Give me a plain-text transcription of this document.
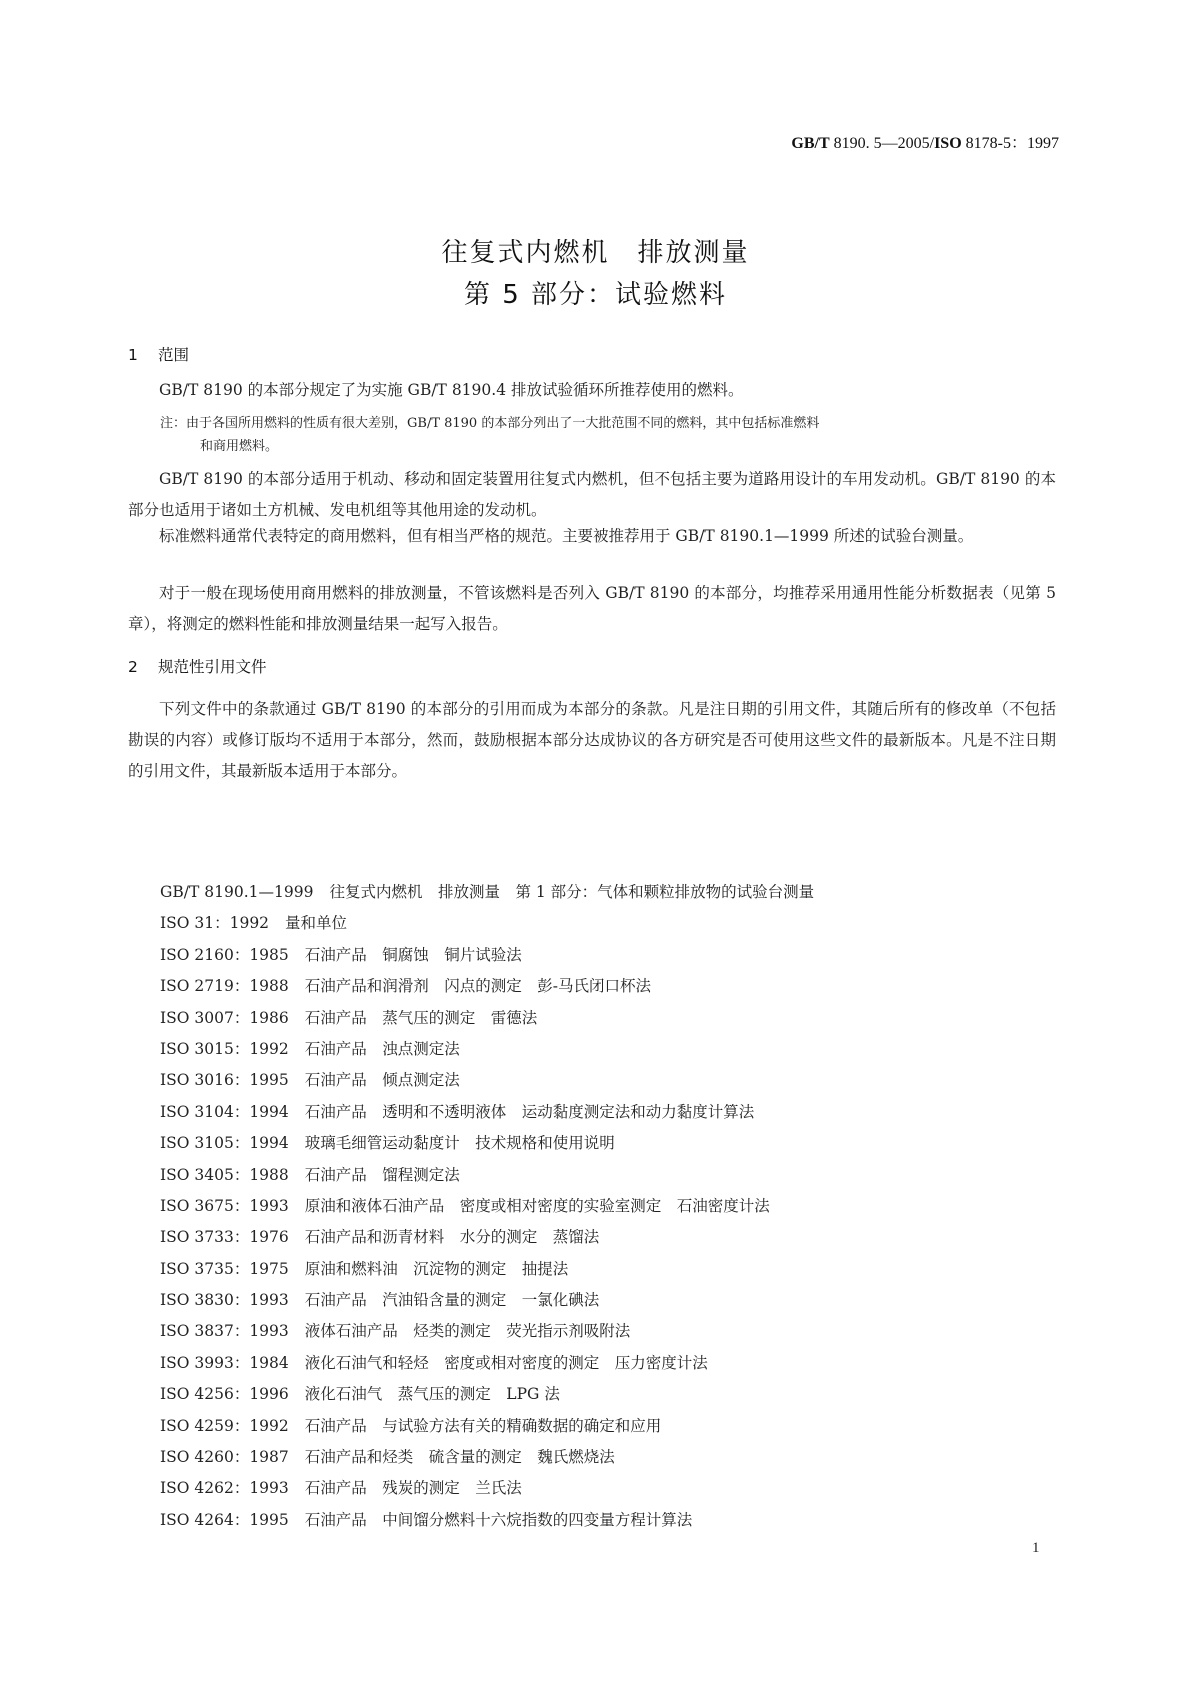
GB/T 8190. 5—2005/ISO 8178-5：1997
往复式内燃机　排放测量
第 5 部分：试验燃料
1 范围
GB/T 8190 的本部分规定了为实施 GB/T 8190.4 排放试验循环所推荐使用的燃料。
注：由于各国所用燃料的性质有很大差别，GB/T 8190 的本部分列出了一大批范围不同的燃料，其中包括标准燃料
和商用燃料。
GB/T 8190 的本部分适用于机动、移动和固定装置用往复式内燃机，但不包括主要为道路用设计的车用发动机。GB/T 8190 的本部分也适用于诸如土方机械、发电机组等其他用途的发动机。
标准燃料通常代表特定的商用燃料，但有相当严格的规范。主要被推荐用于 GB/T 8190.1—1999 所述的试验台测量。
对于一般在现场使用商用燃料的排放测量，不管该燃料是否列入 GB/T 8190 的本部分，均推荐采用通用性能分析数据表（见第 5 章），将测定的燃料性能和排放测量结果一起写入报告。
2 规范性引用文件
下列文件中的条款通过 GB/T 8190 的本部分的引用而成为本部分的条款。凡是注日期的引用文件，其随后所有的修改单（不包括勘误的内容）或修订版均不适用于本部分，然而，鼓励根据本部分达成协议的各方研究是否可使用这些文件的最新版本。凡是不注日期的引用文件，其最新版本适用于本部分。
GB/T 8190.1—1999 往复式内燃机　排放测量　第 1 部分：气体和颗粒排放物的试验台测量
ISO 31：1992 量和单位
ISO 2160：1985 石油产品　铜腐蚀　铜片试验法
ISO 2719：1988 石油产品和润滑剂　闪点的测定　彭-马氏闭口杯法
ISO 3007：1986 石油产品　蒸气压的测定　雷德法
ISO 3015：1992 石油产品　浊点测定法
ISO 3016：1995 石油产品　倾点测定法
ISO 3104：1994 石油产品　透明和不透明液体　运动黏度测定法和动力黏度计算法
ISO 3105：1994 玻璃毛细管运动黏度计　技术规格和使用说明
ISO 3405：1988 石油产品　馏程测定法
ISO 3675：1993 原油和液体石油产品　密度或相对密度的实验室测定　石油密度计法
ISO 3733：1976 石油产品和沥青材料　水分的测定　蒸馏法
ISO 3735：1975 原油和燃料油　沉淀物的测定　抽提法
ISO 3830：1993 石油产品　汽油铅含量的测定　一氯化碘法
ISO 3837：1993 液体石油产品　烃类的测定　荧光指示剂吸附法
ISO 3993：1984 液化石油气和轻烃　密度或相对密度的测定　压力密度计法
ISO 4256：1996 液化石油气　蒸气压的测定　LPG 法
ISO 4259：1992 石油产品　与试验方法有关的精确数据的确定和应用
ISO 4260：1987 石油产品和烃类　硫含量的测定　魏氏燃烧法
ISO 4262：1993 石油产品　残炭的测定　兰氏法
ISO 4264：1995 石油产品　中间馏分燃料十六烷指数的四变量方程计算法
1
